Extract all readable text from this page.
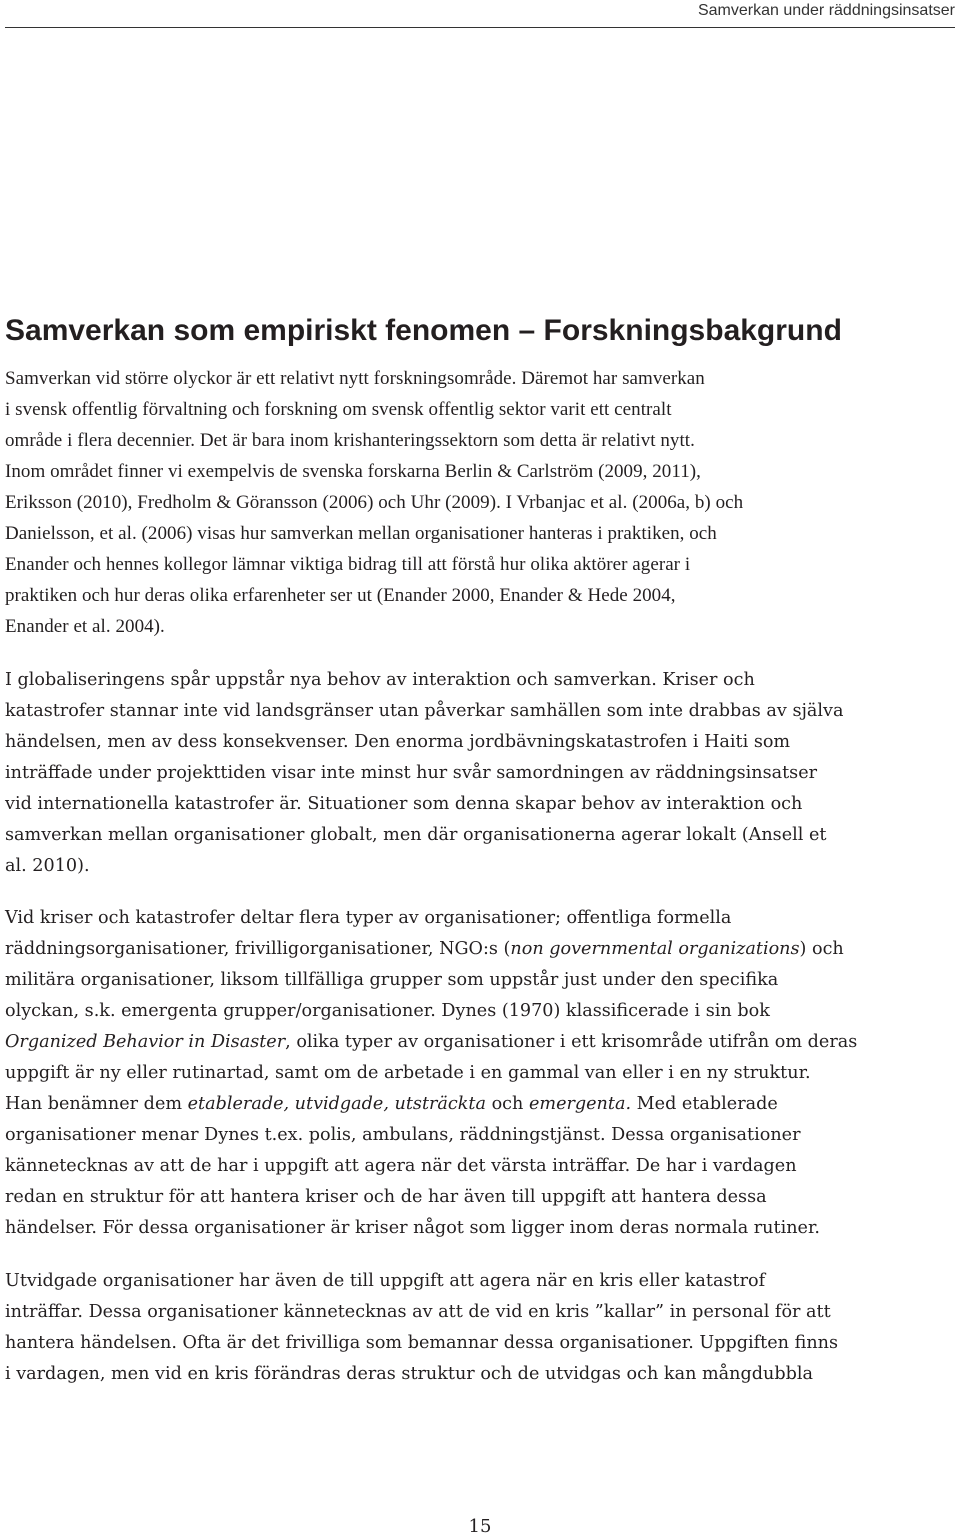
Samverkan under räddningsinsatser
Samverkan som empiriskt fenomen – Forskningsbakgrund

Samverkan vid större olyckor är ett relativt nytt forskningsområde. Däremot har samverkan
i svensk offentlig förvaltning och forskning om svensk offentlig sektor varit ett centralt
område i flera decennier. Det är bara inom krishanteringssektorn som detta är relativt nytt.
Inom området finner vi exempelvis de svenska forskarna Berlin & Carlström (2009, 2011),
Eriksson (2010), Fredholm & Göransson (2006) och Uhr (2009). I Vrbanjac et al. (2006a, b) och
Danielsson, et al. (2006) visas hur samverkan mellan organisationer hanteras i praktiken, och
Enander och hennes kollegor lämnar viktiga bidrag till att förstå hur olika aktörer agerar i
praktiken och hur deras olika erfarenheter ser ut (Enander 2000, Enander & Hede 2004,
Enander et al. 2004).

I globaliseringens spår uppstår nya behov av interaktion och samverkan. Kriser och
katastrofer stannar inte vid landsgränser utan påverkar samhällen som inte drabbas av själva
händelsen, men av dess konsekvenser. Den enorma jordbävningskatastrofen i Haiti som
inträffade under projekttiden visar inte minst hur svår samordningen av räddningsinsatser
vid internationella katastrofer är. Situationer som denna skapar behov av interaktion och
samverkan mellan organisationer globalt, men där organisationerna agerar lokalt (Ansell et
al. 2010).

Vid kriser och katastrofer deltar flera typer av organisationer; offentliga formella
räddningsorganisationer, frivilligorganisationer, NGO:s (non governmental organizations) och
militära organisationer, liksom tillfälliga grupper som uppstår just under den specifika
olyckan, s.k. emergenta grupper/organisationer. Dynes (1970) klassificerade i sin bok
Organized Behavior in Disaster, olika typer av organisationer i ett krisområde utifrån om deras
uppgift är ny eller rutinartad, samt om de arbetade i en gammal van eller i en ny struktur.
Han benämner dem etablerade, utvidgade, utsträckta och emergenta. Med etablerade
organisationer menar Dynes t.ex. polis, ambulans, räddningstjänst. Dessa organisationer
kännetecknas av att de har i uppgift att agera när det värsta inträffar. De har i vardagen
redan en struktur för att hantera kriser och de har även till uppgift att hantera dessa
händelser. För dessa organisationer är kriser något som ligger inom deras normala rutiner.

Utvidgade organisationer har även de till uppgift att agera när en kris eller katastrof
inträffar. Dessa organisationer kännetecknas av att de vid en kris ”kallar” in personal för att
hantera händelsen. Ofta är det frivilliga som bemannar dessa organisationer. Uppgiften finns
i vardagen, men vid en kris förändras deras struktur och de utvidgas och kan mångdubbla

15
